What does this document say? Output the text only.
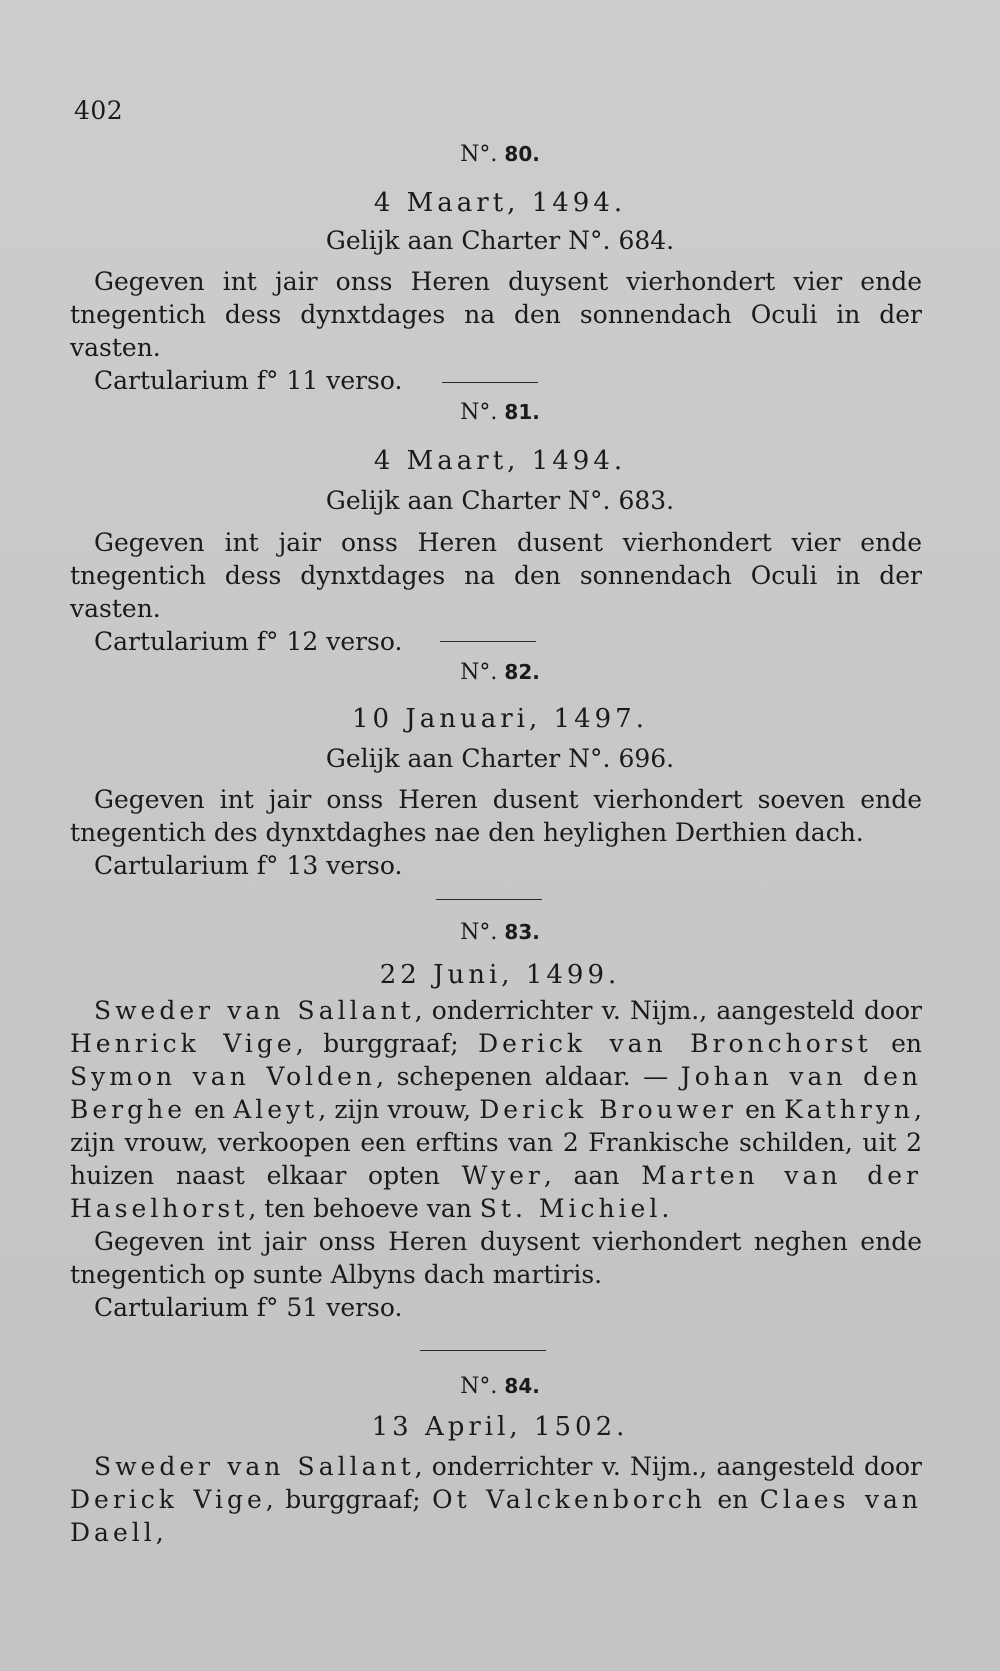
402
N°. 80.
4 Maart, 1494.
Gelijk aan Charter N°. 684.

Gegeven int jair onss Heren duysent vierhondert vier ende tnegentich dess dynxtdages na den sonnendach Oculi in der vasten.

Cartularium f° 11 verso.

N°. 81.
4 Maart, 1494.
Gelijk aan Charter N°. 683.

Gegeven int jair onss Heren dusent vierhondert vier ende tnegentich dess dynxtdages na den sonnendach Oculi in der vasten.

Cartularium f° 12 verso.

N°. 82.
10 Januari, 1497.
Gelijk aan Charter N°. 696.

Gegeven int jair onss Heren dusent vierhondert soeven ende tnegentich des dynxtdaghes nae den heylighen Derthien dach.

Cartularium f° 13 verso.

N°. 83.
22 Juni, 1499.

Sweder van Sallant, onderrichter v. Nijm., aangesteld door Henrick Vige, burggraaf; Derick van Bronchorst en Symon van Volden, schepenen aldaar. — Johan van den Berghe en Aleyt, zijn vrouw, Derick Brouwer en Kathryn, zijn vrouw, verkoopen een erftins van 2 Frankische schilden, uit 2 huizen naast elkaar opten Wyer, aan Marten van der Haselhorst, ten behoeve van St. Michiel.

Gegeven int jair onss Heren duysent vierhondert neghen ende tnegentich op sunte Albyns dach martiris.

Cartularium f° 51 verso.

N°. 84.
13 April, 1502.

Sweder van Sallant, onderrichter v. Nijm., aangesteld door Derick Vige, burggraaf; Ot Valckenborch en Claes van Daell,
